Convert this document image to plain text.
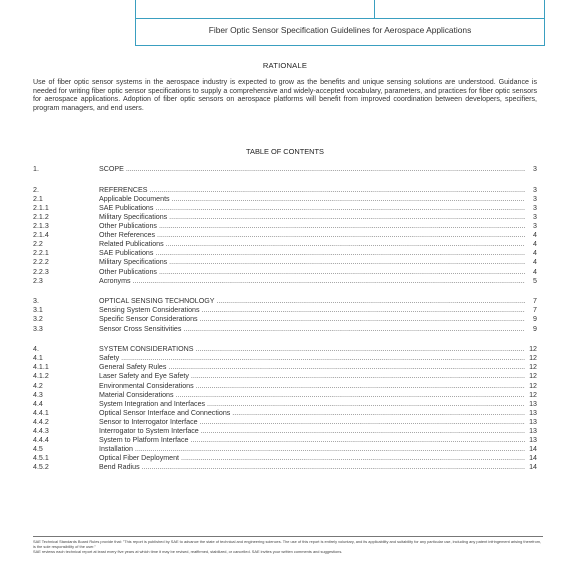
Fiber Optic Sensor Specification Guidelines for Aerospace Applications
RATIONALE
Use of fiber optic sensor systems in the aerospace industry is expected to grow as the benefits and unique sensing solutions are understood. Guidance is needed for writing fiber optic sensor specifications to supply a comprehensive and widely-accepted vocabulary, parameters, and practices for fiber optic sensors for aerospace applications. Adoption of fiber optic sensors on aerospace platforms will benefit from improved coordination between developers, specifiers, program managers, and end users.
TABLE OF CONTENTS
1.	SCOPE .....	3
2.	REFERENCES .....	3
2.1	Applicable Documents .....	3
2.1.1	SAE Publications .....	3
2.1.2	Military Specifications .....	3
2.1.3	Other Publications .....	3
2.1.4	Other References .....	4
2.2	Related Publications .....	4
2.2.1	SAE Publications .....	4
2.2.2	Military Specifications .....	4
2.2.3	Other Publications .....	4
2.3	Acronyms .....	5
3.	OPTICAL SENSING TECHNOLOGY .....	7
3.1	Sensing System Considerations .....	7
3.2	Specific Sensor Considerations .....	9
3.3	Sensor Cross Sensitivities .....	9
4.	SYSTEM CONSIDERATIONS .....	12
4.1	Safety .....	12
4.1.1	General Safety Rules .....	12
4.1.2	Laser Safety and Eye Safety .....	12
4.2	Environmental Considerations .....	12
4.3	Material Considerations .....	12
4.4	System Integration and Interfaces .....	13
4.4.1	Optical Sensor Interface and Connections .....	13
4.4.2	Sensor to Interrogator Interface .....	13
4.4.3	Interrogator to System Interface .....	13
4.4.4	System to Platform Interface .....	13
4.5	Installation .....	14
4.5.1	Optical Fiber Deployment .....	14
4.5.2	Bend Radius .....	14

SAE Technical Standards Board Rules provide that: "This report is published by SAE to advance the state of technical and engineering sciences. The use of this report is entirely voluntary, and its applicability and suitability for any particular use, including any patent infringement arising therefrom, is the sole responsibility of the user."

SAE reviews each technical report at least every five years at which time it may be revised, reaffirmed, stabilized, or cancelled. SAE invites your written comments and suggestions.
